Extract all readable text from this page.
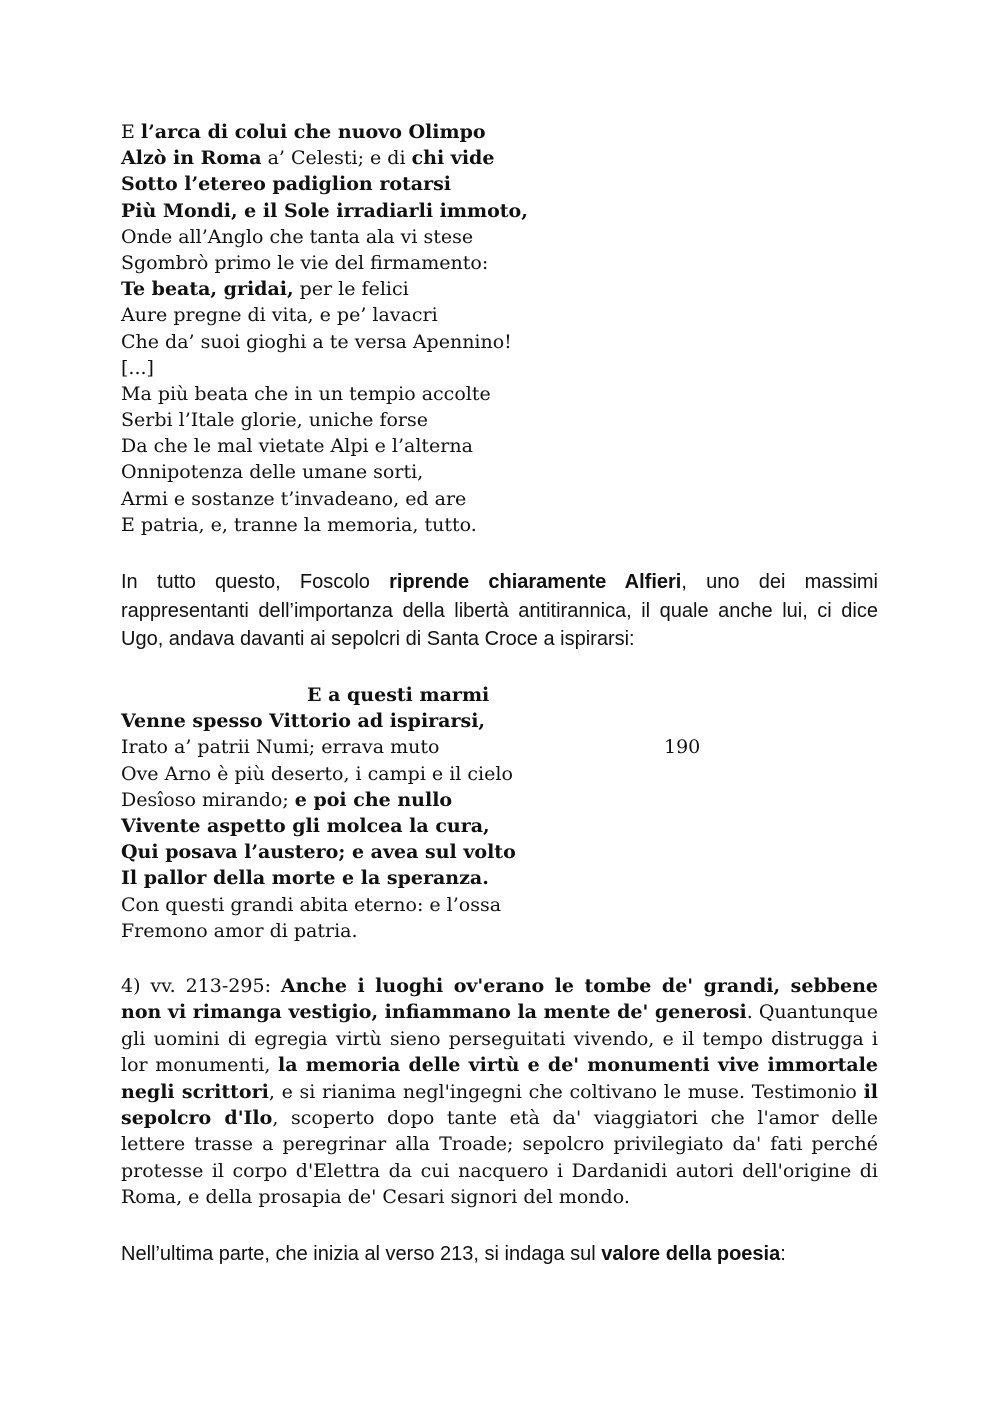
E l’arca di colui che nuovo Olimpo
Alzò in Roma a’ Celesti; e di chi vide
Sotto l’etereo padiglion rotarsi
Più Mondi, e il Sole irradiarli immoto,
Onde all’Anglo che tanta ala vi stese
Sgombrò primo le vie del firmamento:
Te beata, gridai, per le felici
Aure pregne di vita, e pe’ lavacri
Che da’ suoi gioghi a te versa Apennino!
[...]
Ma più beata che in un tempio accolte
Serbi l’Itale glorie, uniche forse
Da che le mal vietate Alpi e l’alterna
Onnipotenza delle umane sorti,
Armi e sostanze t’invadeano, ed are
E patria, e, tranne la memoria, tutto.
In tutto questo, Foscolo riprende chiaramente Alfieri, uno dei massimi rappresentanti dell’importanza della libertà antitirannica, il quale anche lui, ci dice Ugo, andava davanti ai sepolcri di Santa Croce a ispirarsi:
E a questi marmi
Venne spesso Vittorio ad ispirarsi,
Irato a’ patrii Numi; errava muto
Ove Arno è più deserto, i campi e il cielo
Desîoso mirando; e poi che nullo
Vivente aspetto gli molcea la cura,
Qui posava l’austero; e avea sul volto
Il pallor della morte e la speranza.
Con questi grandi abita eterno: e l’ossa
Fremono amor di patria.
190
4) vv. 213-295: Anche i luoghi ov'erano le tombe de' grandi, sebbene non vi rimanga vestigio, infiammano la mente de' generosi. Quantunque gli uomini di egregia virtù sieno perseguitati vivendo, e il tempo distrugga i lor monumenti, la memoria delle virtù e de' monumenti vive immortale negli scrittori, e si rianima negl'ingegni che coltivano le muse. Testimonio il sepolcro d'Ilo, scoperto dopo tante età da' viaggiatori che l'amor delle lettere trasse a peregrinar alla Troade; sepolcro privilegiato da' fati perché protesse il corpo d'Elettra da cui nacquero i Dardanidi autori dell'origine di Roma, e della prosapia de' Cesari signori del mondo.
Nell’ultima parte, che inizia al verso 213, si indaga sul valore della poesia:
